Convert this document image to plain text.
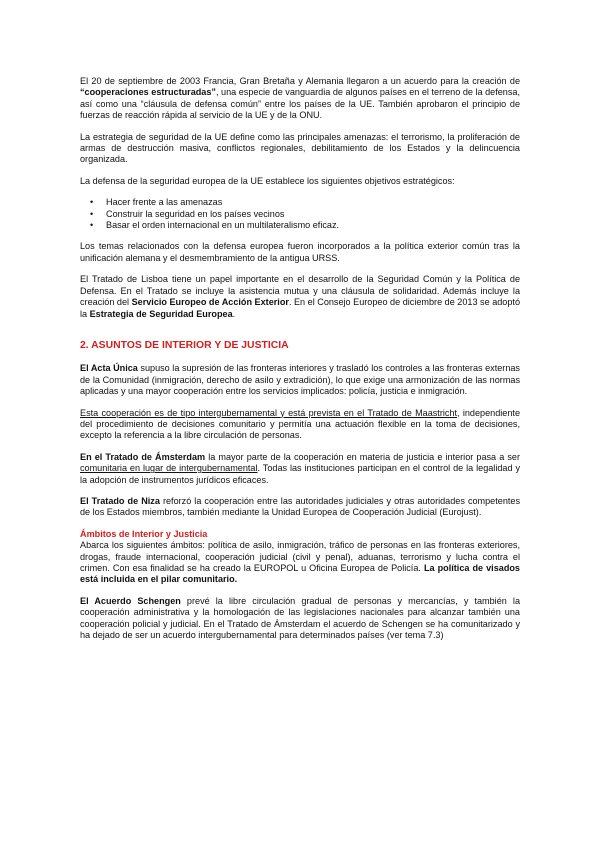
El 20 de septiembre de 2003 Francia, Gran Bretaña y Alemania llegaron a un acuerdo para la creación de “cooperaciones estructuradas”, una especie de vanguardia de algunos países en el terreno de la defensa, así como una “cláusula de defensa común” entre los países de la UE. También aprobaron el principio de fuerzas de reacción rápida al servicio de la UE y de la ONU.

La estrategia de seguridad de la UE define como las principales amenazas: el terrorismo, la proliferación de armas de destrucción masiva, conflictos regionales, debilitamiento de los Estados y la delincuencia organizada.

La defensa de la seguridad europea de la UE establece los siguientes objetivos estratégicos:

• Hacer frente a las amenazas
• Construir la seguridad en los países vecinos
• Basar el orden internacional en un multilateralismo eficaz.

Los temas relacionados con la defensa europea fueron incorporados a la política exterior común tras la unificación alemana y el desmembramiento de la antigua URSS.

El Tratado de Lisboa tiene un papel importante en el desarrollo de la Seguridad Común y la Política de Defensa. En el Tratado se incluye la asistencia mutua y una cláusula de solidaridad. Además incluye la creación del Servicio Europeo de Acción Exterior. En el Consejo Europeo de diciembre de 2013 se adoptó la Estrategia de Seguridad Europea.

2. ASUNTOS DE INTERIOR Y DE JUSTICIA

El Acta Única supuso la supresión de las fronteras interiores y trasladó los controles a las fronteras externas de la Comunidad (inmigración, derecho de asilo y extradición), lo que exige una armonización de las normas aplicadas y una mayor cooperación entre los servicios implicados: policía, justicia e inmigración.

Esta cooperación es de tipo intergubernamental y está prevista en el Tratado de Maastricht, independiente del procedimiento de decisiones comunitario y permitía una actuación flexible en la toma de decisiones, excepto la referencia a la libre circulación de personas.

En el Tratado de Ámsterdam la mayor parte de la cooperación en materia de justicia e interior pasa a ser comunitaria en lugar de intergubernamental. Todas las instituciones participan en el control de la legalidad y la adopción de instrumentos jurídicos eficaces.

El Tratado de Niza reforzó la cooperación entre las autoridades judiciales y otras autoridades competentes de los Estados miembros, también mediante la Unidad Europea de Cooperación Judicial (Eurojust).

Ámbitos de Interior y Justicia

Abarca los siguientes ámbitos: política de asilo, inmigración, tráfico de personas en las fronteras exteriores, drogas, fraude internacional, cooperación judicial (civil y penal), aduanas, terrorismo y lucha contra el crimen. Con esa finalidad se ha creado la EUROPOL u Oficina Europea de Policía. La política de visados está incluida en el pilar comunitario.

El Acuerdo Schengen prevé la libre circulación gradual de personas y mercancías, y también la cooperación administrativa y la homologación de las legislaciones nacionales para alcanzar también una cooperación policial y judicial. En el Tratado de Ámsterdam el acuerdo de Schengen se ha comunitarizado y ha dejado de ser un acuerdo intergubernamental para determinados países (ver tema 7.3)
